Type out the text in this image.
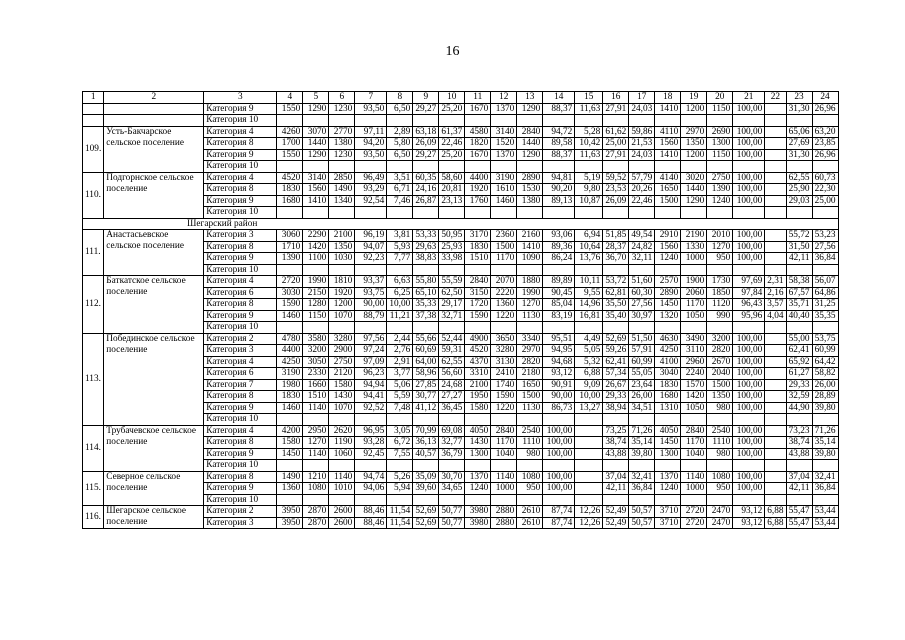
16
1	2	3	4	5	6	7	8	9	10	11	12	13	14	15	16	17	18	19	20	21	22	23	24
		Категория 9	1550	1290	1230	93,50	6,50	29,27	25,20	1670	1370	1290	88,37	11,63	27,91	24,03	1410	1200	1150	100,00		31,30	26,96
		Категория 10																					
109.	Усть-Бакчарское сельское поселение	Категория 4	4260	3070	2770	97,11	2,89	63,18	61,37	4580	3140	2840	94,72	5,28	61,62	59,86	4110	2970	2690	100,00		65,06	63,20
		Категория 8	1700	1440	1380	94,20	5,80	26,09	22,46	1820	1520	1440	89,58	10,42	25,00	21,53	1560	1350	1300	100,00		27,69	23,85
		Категория 9	1550	1290	1230	93,50	6,50	29,27	25,20	1670	1370	1290	88,37	11,63	27,91	24,03	1410	1200	1150	100,00		31,30	26,96
		Категория 10																					
110.	Подгорнское сельское поселение	Категория 4	4520	3140	2850	96,49	3,51	60,35	58,60	4400	3190	2890	94,81	5,19	59,52	57,79	4140	3020	2750	100,00		62,55	60,73
		Категория 8	1830	1560	1490	93,29	6,71	24,16	20,81	1920	1610	1530	90,20	9,80	23,53	20,26	1650	1440	1390	100,00		25,90	22,30
		Категория 9	1680	1410	1340	92,54	7,46	26,87	23,13	1760	1460	1380	89,13	10,87	26,09	22,46	1500	1290	1240	100,00		29,03	25,00
		Категория 10																					
Шегарский район																							
111.	Анастасьевское сельское поселение	Категория 3	3060	2290	2100	96,19	3,81	53,33	50,95	3170	2360	2160	93,06	6,94	51,85	49,54	2910	2190	2010	100,00		55,72	53,23
		Категория 8	1710	1420	1350	94,07	5,93	29,63	25,93	1830	1500	1410	89,36	10,64	28,37	24,82	1560	1330	1270	100,00		31,50	27,56
		Категория 9	1390	1100	1030	92,23	7,77	38,83	33,98	1510	1170	1090	86,24	13,76	36,70	32,11	1240	1000	950	100,00		42,11	36,84
		Категория 10																					
112.	Баткатское сельское поселение	Категория 4	2720	1990	1810	93,37	6,63	55,80	55,59	2840	2070	1880	89,89	10,11	53,72	51,60	2570	1900	1730	97,69	2,31	58,38	56,07
		Категория 6	3030	2150	1920	93,75	6,25	65,10	62,50	3150	2220	1990	90,45	9,55	62,81	60,30	2890	2060	1850	97,84	2,16	67,57	64,86
		Категория 8	1590	1280	1200	90,00	10,00	35,33	29,17	1720	1360	1270	85,04	14,96	35,50	27,56	1450	1170	1120	96,43	3,57	35,71	31,25
		Категория 9	1460	1150	1070	88,79	11,21	37,38	32,71	1590	1220	1130	83,19	16,81	35,40	30,97	1320	1050	990	95,96	4,04	40,40	35,35
		Категория 10																					
113.	Побединское сельское поселение	Категория 2	4780	3580	3280	97,56	2,44	55,66	52,44	4900	3650	3340	95,51	4,49	52,69	51,50	4630	3490	3200	100,00		55,00	53,75
		Категория 3	4400	3200	2900	97,24	2,76	60,69	59,31	4520	3280	2970	94,95	5,05	59,26	57,91	4250	3110	2820	100,00		62,41	60,99
		Категория 4	4250	3050	2750	97,09	2,91	64,00	62,55	4370	3130	2820	94,68	5,32	62,41	60,99	4100	2960	2670	100,00		65,92	64,42
		Категория 6	3190	2330	2120	96,23	3,77	58,96	56,60	3310	2410	2180	93,12	6,88	57,34	55,05	3040	2240	2040	100,00		61,27	58,82
		Категория 7	1980	1660	1580	94,94	5,06	27,85	24,68	2100	1740	1650	90,91	9,09	26,67	23,64	1830	1570	1500	100,00		29,33	26,00
		Категория 8	1830	1510	1430	94,41	5,59	30,77	27,27	1950	1590	1500	90,00	10,00	29,33	26,00	1680	1420	1350	100,00		32,59	28,89
		Категория 9	1460	1140	1070	92,52	7,48	41,12	36,45	1580	1220	1130	86,73	13,27	38,94	34,51	1310	1050	980	100,00		44,90	39,80
		Категория 10																					
114.	Трубачевское сельское поселение	Категория 4	4200	2950	2620	96,95	3,05	70,99	69,08	4050	2840	2540	100,00		73,25	71,26	4050	2840	2540	100,00		73,23	71,26
		Категория 8	1580	1270	1190	93,28	6,72	36,13	32,77	1430	1170	1110	100,00		38,74	35,14	1450	1170	1110	100,00		38,74	35,14
		Категория 9	1450	1140	1060	92,45	7,55	40,57	36,79	1300	1040	980	100,00		43,88	39,80	1300	1040	980	100,00		43,88	39,80
		Категория 10																					
115.	Северное сельское поселение	Категория 8	1490	1210	1140	94,74	5,26	35,09	30,70	1370	1140	1080	100,00		37,04	32,41	1370	1140	1080	100,00		37,04	32,41
		Категория 9	1360	1080	1010	94,06	5,94	39,60	34,65	1240	1000	950	100,00		42,11	36,84	1240	1000	950	100,00		42,11	36,84
		Категория 10																					
116.	Шегарское сельское поселение	Категория 2	3950	2870	2600	88,46	11,54	52,69	50,77	3980	2880	2610	87,74	12,26	52,49	50,57	3710	2720	2470	93,12	6,88	55,47	53,44
		Категория 3	3950	2870	2600	88,46	11,54	52,69	50,77	3980	2880	2610	87,74	12,26	52,49	50,57	3710	2720	2470	93,12	6,88	55,47	53,44
